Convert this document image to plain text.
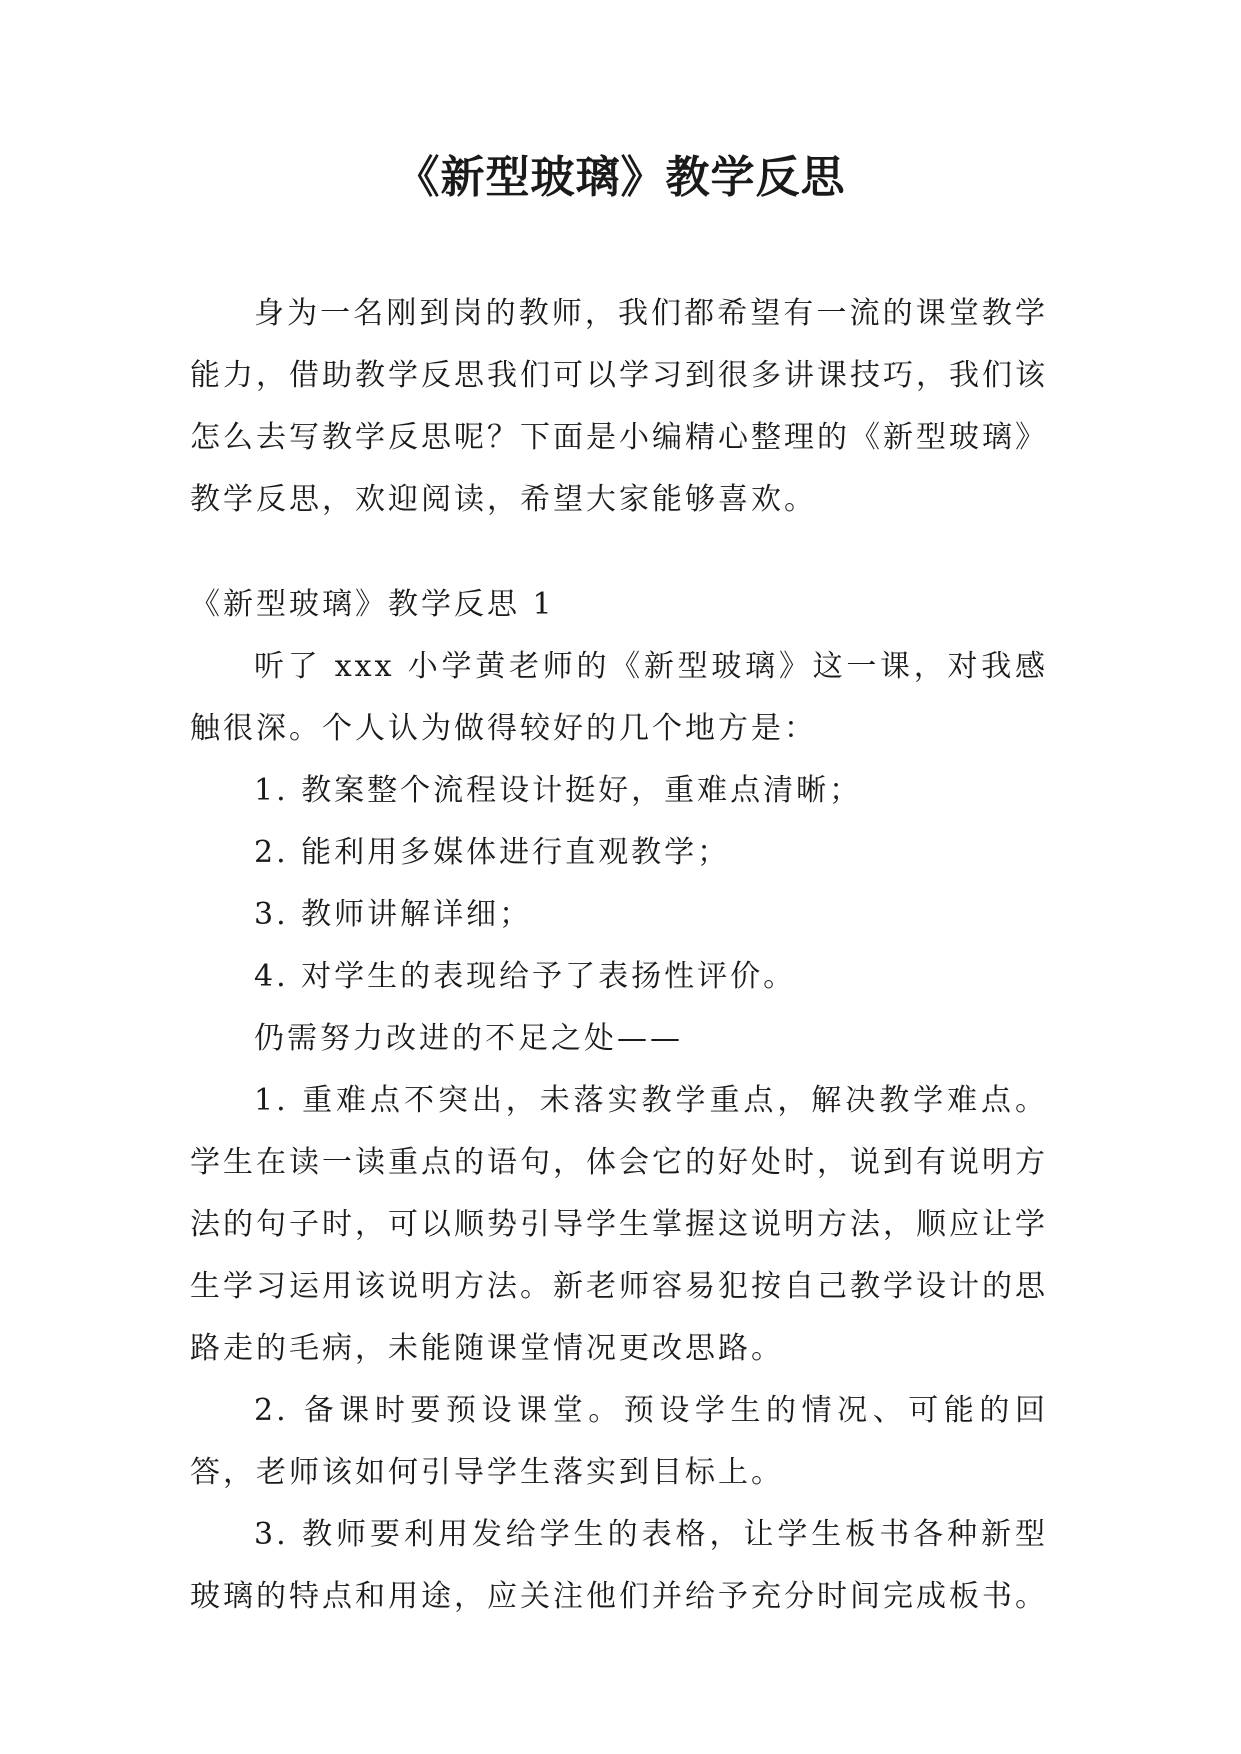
《新型玻璃》教学反思

身为一名刚到岗的教师，我们都希望有一流的课堂教学能力，借助教学反思我们可以学习到很多讲课技巧，我们该怎么去写教学反思呢？下面是小编精心整理的《新型玻璃》教学反思，欢迎阅读，希望大家能够喜欢。

《新型玻璃》教学反思 1

听了 xxx 小学黄老师的《新型玻璃》这一课，对我感触很深。个人认为做得较好的几个地方是：

1. 教案整个流程设计挺好，重难点清晰；

2. 能利用多媒体进行直观教学；

3. 教师讲解详细；

4. 对学生的表现给予了表扬性评价。

仍需努力改进的不足之处——

1. 重难点不突出，未落实教学重点，解决教学难点。学生在读一读重点的语句，体会它的好处时，说到有说明方法的句子时，可以顺势引导学生掌握这说明方法，顺应让学生学习运用该说明方法。新老师容易犯按自己教学设计的思路走的毛病，未能随课堂情况更改思路。

2. 备课时要预设课堂。预设学生的情况、可能的回答，老师该如何引导学生落实到目标上。

3. 教师要利用发给学生的表格，让学生板书各种新型玻璃的特点和用途，应关注他们并给予充分时间完成板书。
